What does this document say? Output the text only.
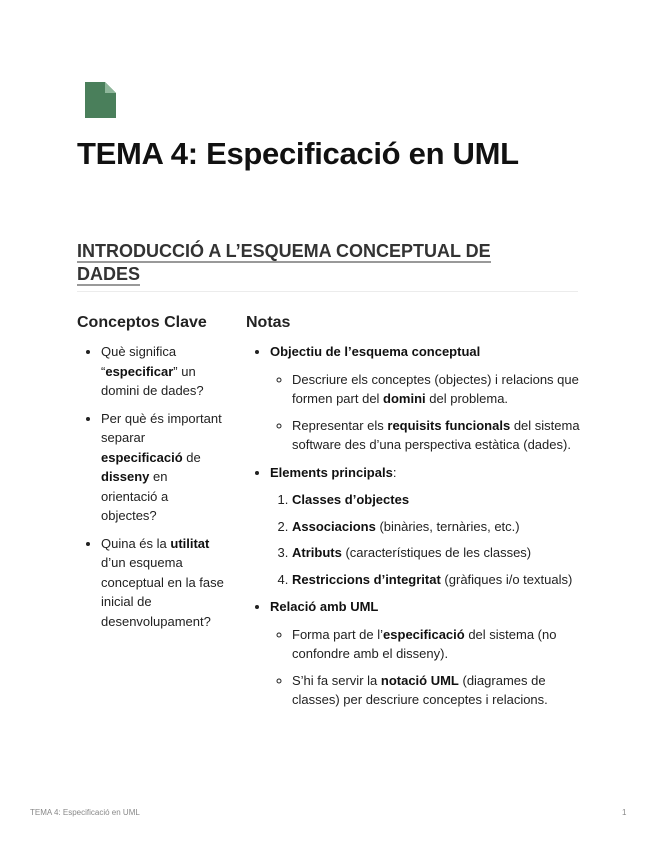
TEMA 4: Especificació en UML
INTRODUCCIÓ A L’ESQUEMA CONCEPTUAL DE DADES
Conceptos Clave
• Què significa “especificar” un domini de dades?
• Per què és important separar especificació de disseny en orientació a objectes?
• Quina és la utilitat d’un esquema conceptual en la fase inicial de desenvolupament?
Notas
• Objectiu de l’esquema conceptual
◦ Descriure els conceptes (objectes) i relacions que formen part del domini del problema.
◦ Representar els requisits funcionals del sistema software des d’una perspectiva estàtica (dades).
• Elements principals:
1. Classes d’objectes
2. Associacions (binàries, ternàries, etc.)
3. Atributs (característiques de les classes)
4. Restriccions d’integritat (gràfiques i/o textuals)
• Relació amb UML
◦ Forma part de l’especificació del sistema (no confondre amb el disseny).
◦ S’hi fa servir la notació UML (diagrames de classes) per descriure conceptes i relacions.
TEMA 4: Especificació en UML	1
